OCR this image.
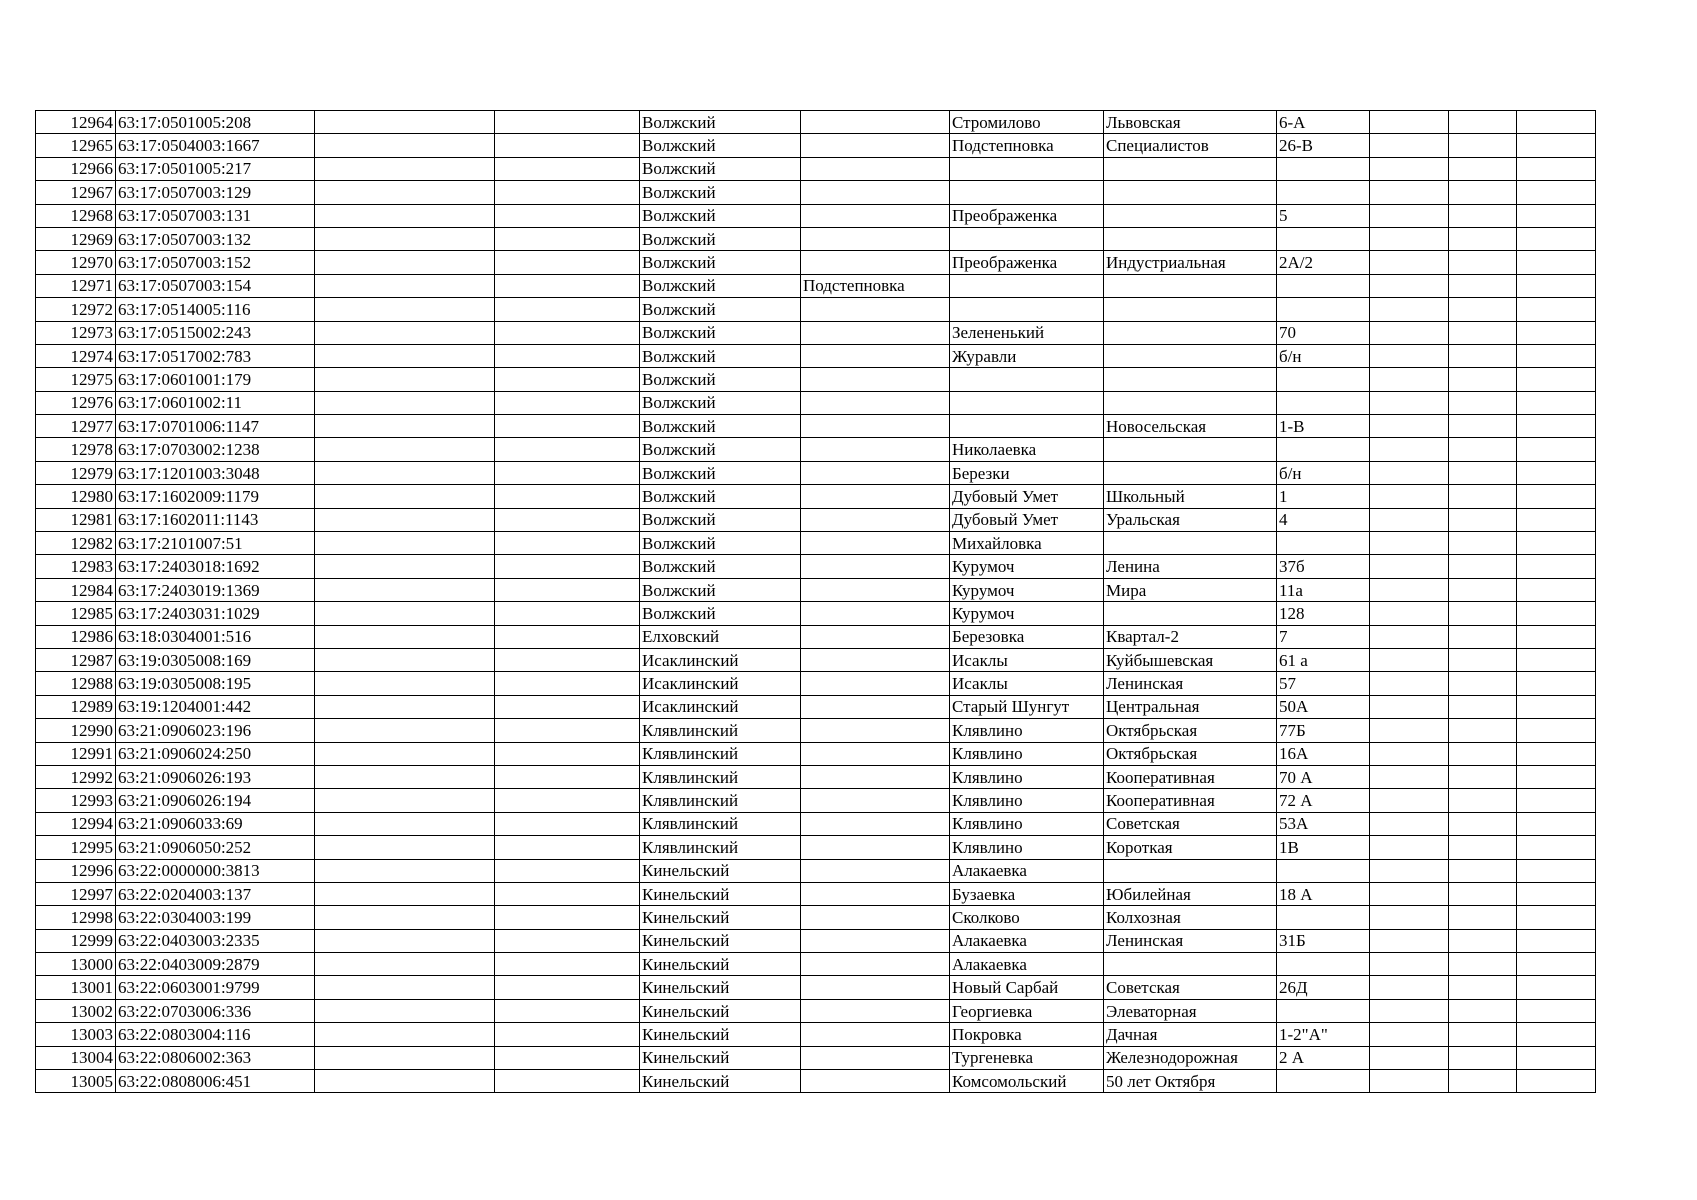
12964	63:17:0501005:208			Волжский		Стромилово	Львовская	6-А			
12965	63:17:0504003:1667			Волжский		Подстепновка	Специалистов	26-В			
12966	63:17:0501005:217			Волжский							
12967	63:17:0507003:129			Волжский							
12968	63:17:0507003:131			Волжский		Преображенка		5			
12969	63:17:0507003:132			Волжский							
12970	63:17:0507003:152			Волжский		Преображенка	Индустриальная	2А/2			
12971	63:17:0507003:154			Волжский	Подстепновка						
12972	63:17:0514005:116			Волжский							
12973	63:17:0515002:243			Волжский		Зелененький		70			
12974	63:17:0517002:783			Волжский		Журавли		б/н			
12975	63:17:0601001:179			Волжский							
12976	63:17:0601002:11			Волжский							
12977	63:17:0701006:1147			Волжский			Новосельская	1-В			
12978	63:17:0703002:1238			Волжский		Николаевка					
12979	63:17:1201003:3048			Волжский		Березки		б/н			
12980	63:17:1602009:1179			Волжский		Дубовый Умет	Школьный	1			
12981	63:17:1602011:1143			Волжский		Дубовый Умет	Уральская	4			
12982	63:17:2101007:51			Волжский		Михайловка					
12983	63:17:2403018:1692			Волжский		Курумоч	Ленина	37б			
12984	63:17:2403019:1369			Волжский		Курумоч	Мира	11а			
12985	63:17:2403031:1029			Волжский		Курумоч		128			
12986	63:18:0304001:516			Елховский		Березовка	Квартал-2	7			
12987	63:19:0305008:169			Исаклинский		Исаклы	Куйбышевская	61 а			
12988	63:19:0305008:195			Исаклинский		Исаклы	Ленинская	57			
12989	63:19:1204001:442			Исаклинский		Старый Шунгут	Центральная	50А			
12990	63:21:0906023:196			Клявлинский		Клявлино	Октябрьская	77Б			
12991	63:21:0906024:250			Клявлинский		Клявлино	Октябрьская	16А			
12992	63:21:0906026:193			Клявлинский		Клявлино	Кооперативная	70 А			
12993	63:21:0906026:194			Клявлинский		Клявлино	Кооперативная	72 А			
12994	63:21:0906033:69			Клявлинский		Клявлино	Советская	53А			
12995	63:21:0906050:252			Клявлинский		Клявлино	Короткая	1В			
12996	63:22:0000000:3813			Кинельский		Алакаевка					
12997	63:22:0204003:137			Кинельский		Бузаевка	Юбилейная	18 А			
12998	63:22:0304003:199			Кинельский		Сколково	Колхозная				
12999	63:22:0403003:2335			Кинельский		Алакаевка	Ленинская	31Б			
13000	63:22:0403009:2879			Кинельский		Алакаевка					
13001	63:22:0603001:9799			Кинельский		Новый Сарбай	Советская	26Д			
13002	63:22:0703006:336			Кинельский		Георгиевка	Элеваторная				
13003	63:22:0803004:116			Кинельский		Покровка	Дачная	1-2"А"			
13004	63:22:0806002:363			Кинельский		Тургеневка	Железнодорожная	2 А			
13005	63:22:0808006:451			Кинельский		Комсомольский	50 лет Октября				
